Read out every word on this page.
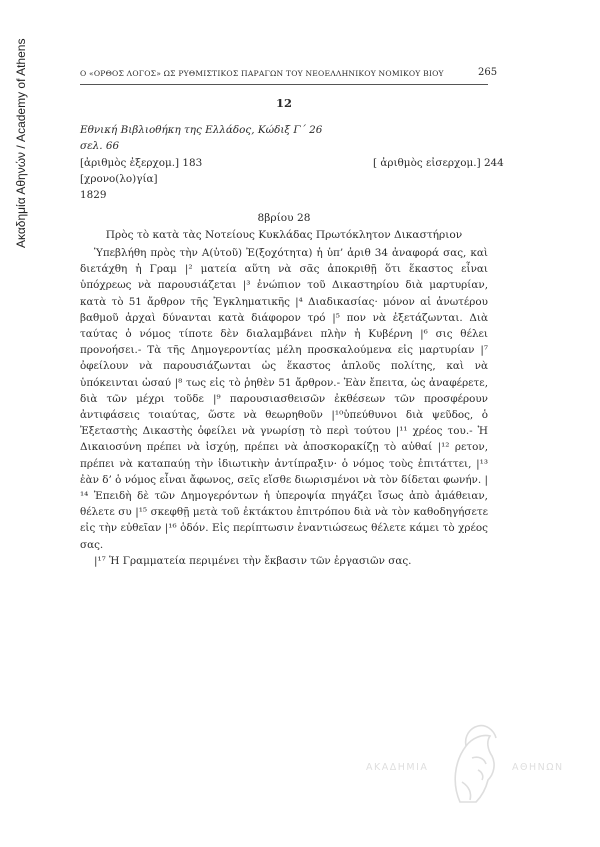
Ακαδημία Αθηνών / Academy of Athens	Ο «ΟΡΘΟΣ ΛΟΓΟΣ» ΩΣ ΡΥΘΜΙΣΤΙΚΟΣ ΠΑΡΑΓΩΝ ΤΟΥ ΝΕΟΕΛΛΗΝΙΚΟΥ ΝΟΜΙΚΟΥ ΒΙΟΥ	265
12
Εθνική Βιβλιοθήκη της Ελλάδος, Κώδιξ Γ΄ 26
σελ. 66
[ἀριθμὸς ἐξερχομ.] 183	[ ἀριθμὸς εἰσερχομ.] 244
[χρονο(λο)γία]
1829
8βρίου 28
Πρὸς τὸ κατὰ τὰς Νοτείους Κυκλάδας Πρωτόκλητον Δικαστήριον

Ὑπεβλήθη πρὸς τὴν Α(ὐτοῦ) Ἐ(ξοχότητα) ἡ ὑπ’ ἀριθ 34 ἀναφορά σας, καὶ διετάχθη ἡ Γραμ |² ματεία αὕτη νὰ σᾶς ἀποκριθῇ ὅτι ἕκαστος εἶναι ὑπόχρεως νὰ παρουσιάζεται |³ ἐνώπιον τοῦ Δικαστηρίου διὰ μαρτυρίαν, κατὰ τὸ 51 ἄρθρον τῆς Ἐγκληματικῆς |⁴ Διαδικασίας· μόνον αἱ ἀνωτέρου βαθμοῦ ἀρχαὶ δύνανται κατὰ διάφορον τρό |⁵ πον νὰ ἐξετάζωνται. Διὰ ταύτας ὁ νόμος τίποτε δὲν διαλαμβάνει πλὴν ἡ Κυβέρνη |⁶ σις θέλει προνοήσει.- Τὰ τῆς Δημογεροντίας μέλη προσκαλούμενα εἰς μαρτυρίαν |⁷ ὀφείλουν νὰ παρουσιάζωνται ὡς ἕκαστος ἁπλοῦς πολίτης, καὶ νὰ ὑπόκεινται ὡσαύ |⁸ τως εἰς τὸ ῥηθὲν 51 ἄρθρον.- Ἐὰν ἔπειτα, ὡς ἀναφέρετε, διὰ τῶν μέχρι τοῦδε |⁹ παρουσιασθεισῶν ἐκθέσεων τῶν προσφέρουν ἀντιφάσεις τοιαύτας, ὥστε νὰ θεωρηθοῦν |¹⁰ὑπεύθυνοι διὰ ψεῦδος, ὁ Ἐξεταστὴς Δικαστὴς ὀφείλει νὰ γνωρίσῃ τὸ περὶ τούτου |¹¹ χρέος του.- Ἡ Δικαιοσύνη πρέπει νὰ ἰσχύῃ, πρέπει νὰ ἀποσκορακίζῃ τὸ αὐθαί |¹² ρετον, πρέπει νὰ καταπαύῃ τὴν ἰδιωτικὴν ἀντίπραξιν· ὁ νόμος τοὺς ἐπιτάττει, |¹³ ἐὰν δ’ ὁ νόμος εἶναι ἄφωνος, σεῖς εἴσθε διωρισμένοι νὰ τὸν δίδεται φωνήν. |¹⁴ Ἐπειδὴ δὲ τῶν Δημογερόντων ἡ ὑπεροψία πηγάζει ἴσως ἀπὸ ἀμάθειαν, θέλετε συ |¹⁵ σκεφθῇ μετὰ τοῦ ἐκτάκτου ἐπιτρόπου διὰ νὰ τὸν καθοδηγήσετε εἰς τὴν εὐθεῖαν |¹⁶ ὁδόν. Εἰς περίπτωσιν ἐναντιώσεως θέλετε κάμει τὸ χρέος σας.

|¹⁷ Ἡ Γραμματεία περιμένει τὴν ἔκβασιν τῶν ἐργασιῶν σας.

ΑΚΑΔΗΜΙΑ	ΑΘΗΝΩΝ
